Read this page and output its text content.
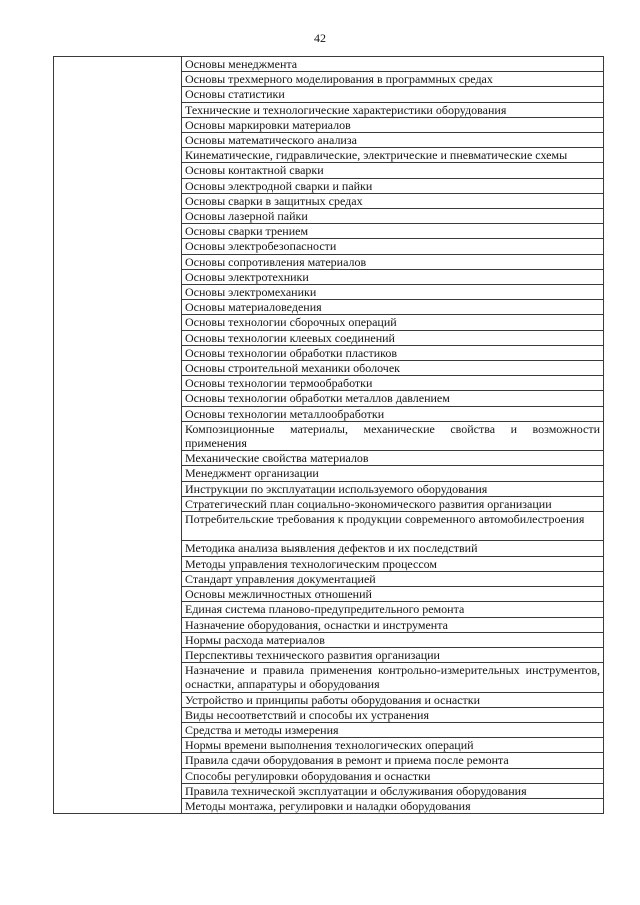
42
	Основы менеджмента
Основы трехмерного моделирования в программных средах
Основы статистики
Технические и технологические характеристики оборудования
Основы маркировки материалов
Основы математического анализа
Кинематические, гидравлические, электрические и пневматические схемы
Основы контактной сварки
Основы электродной сварки и пайки
Основы сварки в защитных средах
Основы лазерной пайки
Основы сварки трением
Основы электробезопасности
Основы сопротивления материалов
Основы электротехники
Основы электромеханики
Основы материаловедения
Основы технологии сборочных операций
Основы технологии клеевых соединений
Основы технологии обработки пластиков
Основы строительной механики оболочек
Основы технологии термообработки
Основы технологии обработки металлов давлением
Основы технологии металлообработки
Композиционные материалы, механические свойства и возможности применения
Механические свойства материалов
Менеджмент организации
Инструкции по эксплуатации используемого оборудования
Стратегический план социально-экономического развития организации
Потребительские требования к продукции современного автомобилестроения
Методика анализа выявления дефектов и их последствий
Методы управления технологическим процессом
Стандарт управления документацией
Основы межличностных отношений
Единая система планово-предупредительного ремонта
Назначение оборудования, оснастки и инструмента
Нормы расхода материалов
Перспективы технического развития организации
Назначение и правила применения контрольно-измерительных инструментов, оснастки, аппаратуры и оборудования
Устройство и принципы работы оборудования и оснастки
Виды несоответствий и способы их устранения
Средства и методы измерения
Нормы времени выполнения технологических операций
Правила сдачи оборудования в ремонт и приема после ремонта
Способы регулировки оборудования и оснастки
Правила технической эксплуатации и обслуживания оборудования
Методы монтажа, регулировки и наладки оборудования
